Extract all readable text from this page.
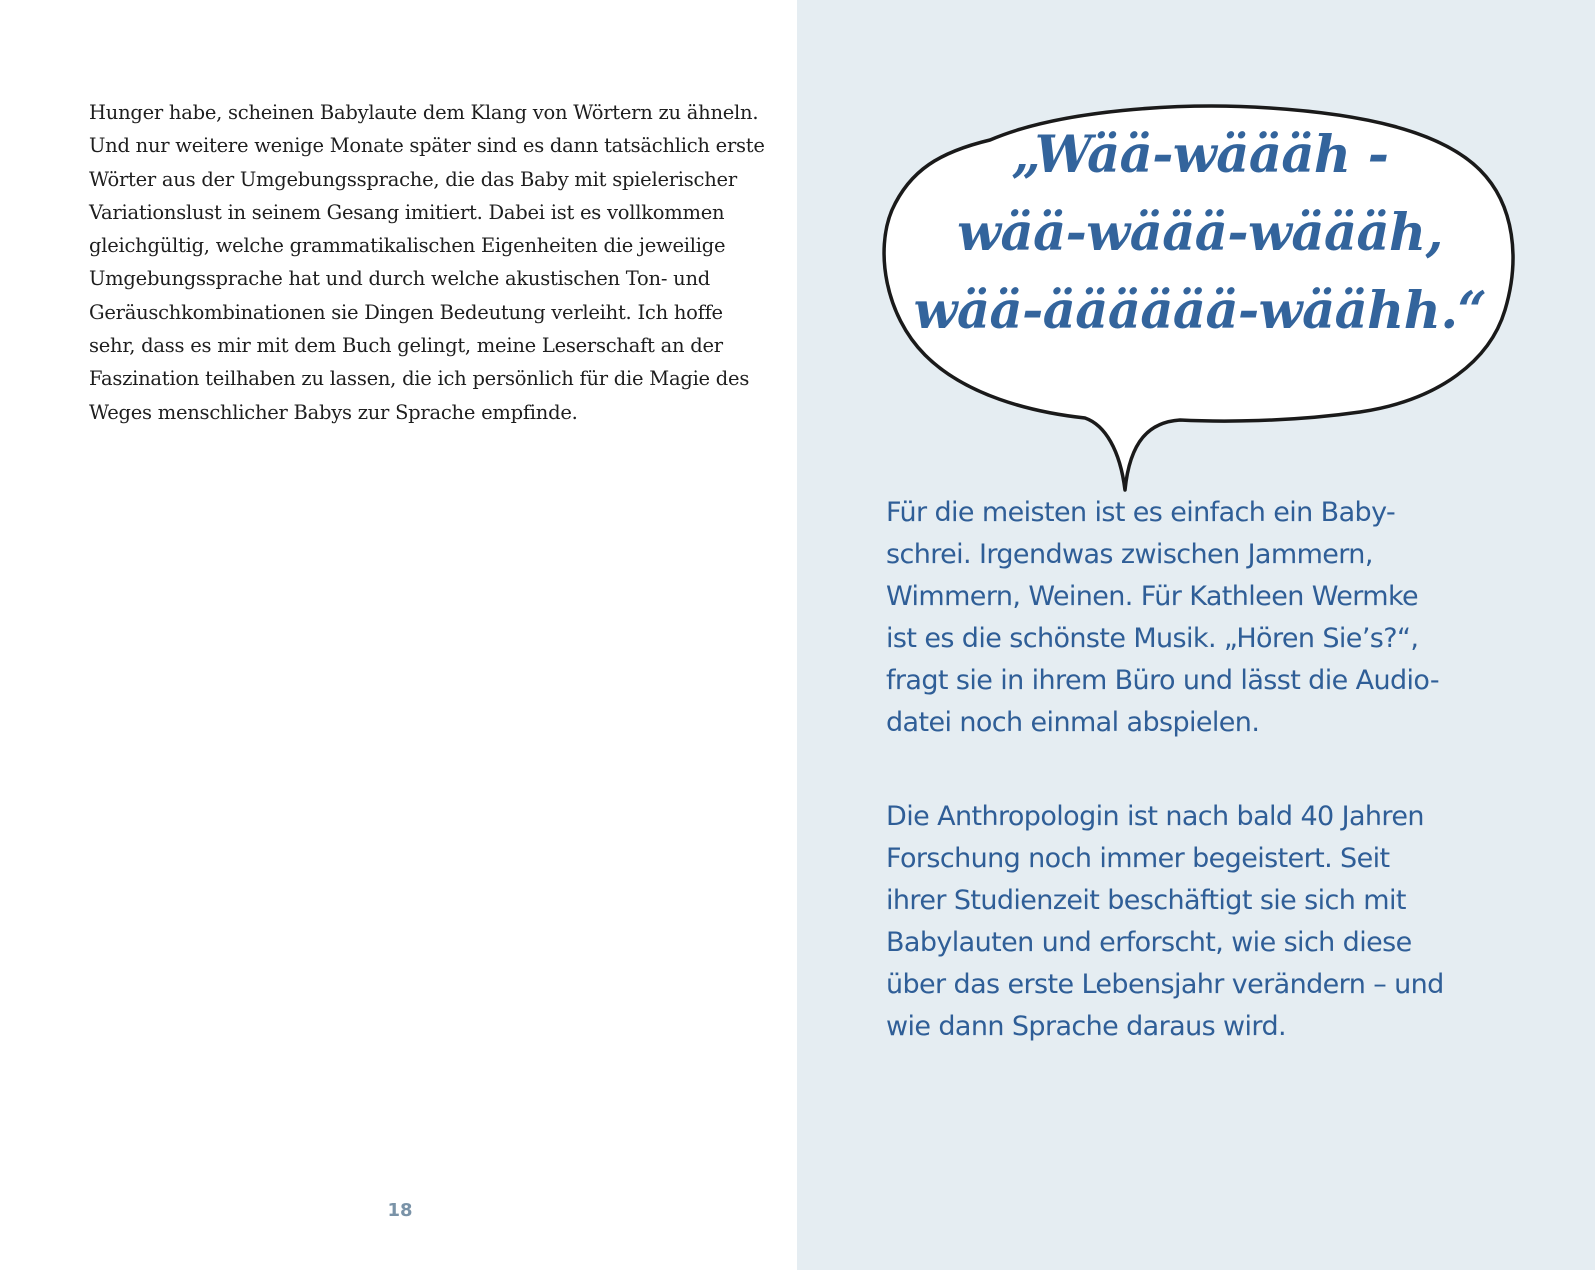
Hunger habe, scheinen Babylaute dem Klang von Wörtern zu ähneln.
Und nur weitere wenige Monate später sind es dann tatsächlich erste
Wörter aus der Umgebungssprache, die das Baby mit spielerischer
Variationslust in seinem Gesang imitiert. Dabei ist es vollkommen
gleichgültig, welche grammatikalischen Eigenheiten die jeweilige
Umgebungssprache hat und durch welche akustischen Ton- und
Geräuschkombinationen sie Dingen Bedeutung verleiht. Ich hoffe
sehr, dass es mir mit dem Buch gelingt, meine Leserschaft an der
Faszination teilhaben zu lassen, die ich persönlich für die Magie des
Weges menschlicher Babys zur Sprache empfinde.

18

„Wää-wäääh -
wää-wäää-wäääh,
wää-ääääää-wäähh.“

Für die meisten ist es einfach ein Baby-
schrei. Irgendwas zwischen Jammern,
Wimmern, Weinen. Für Kathleen Wermke
ist es die schönste Musik. „Hören Sie’s?“,
fragt sie in ihrem Büro und lässt die Audio-
datei noch einmal abspielen.

Die Anthropologin ist nach bald 40 Jahren
Forschung noch immer begeistert. Seit
ihrer Studienzeit beschäftigt sie sich mit
Babylauten und erforscht, wie sich diese
über das erste Lebensjahr verändern – und
wie dann Sprache daraus wird.
